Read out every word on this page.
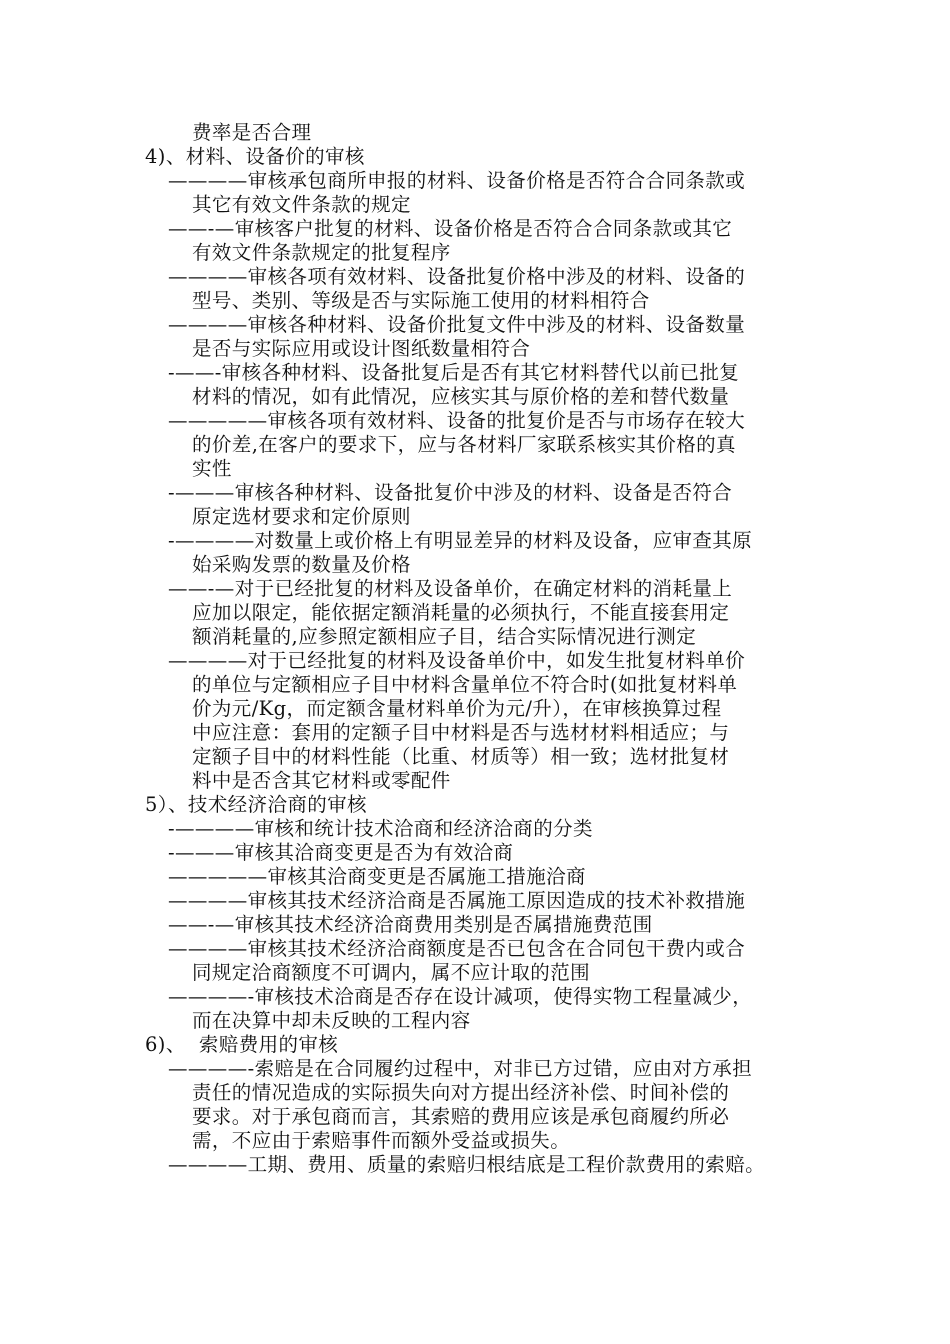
费率是否合理
4)、材料、设备价的审核
————审核承包商所申报的材料、设备价格是否符合合同条款或
其它有效文件条款的规定
——-—审核客户批复的材料、设备价格是否符合合同条款或其它
有效文件条款规定的批复程序
————审核各项有效材料、设备批复价格中涉及的材料、设备的
型号、类别、等级是否与实际施工使用的材料相符合
————审核各种材料、设备价批复文件中涉及的材料、设备数量
是否与实际应用或设计图纸数量相符合
-——-审核各种材料、设备批复后是否有其它材料替代以前已批复
材料的情况，如有此情况，应核实其与原价格的差和替代数量
—————审核各项有效材料、设备的批复价是否与市场存在较大
的价差,在客户的要求下，应与各材料厂家联系核实其价格的真
实性
-———审核各种材料、设备批复价中涉及的材料、设备是否符合
原定选材要求和定价原则
-————对数量上或价格上有明显差异的材料及设备，应审查其原
始采购发票的数量及价格
——-—对于已经批复的材料及设备单价，在确定材料的消耗量上
应加以限定，能依据定额消耗量的必须执行，不能直接套用定
额消耗量的,应参照定额相应子目，结合实际情况进行测定
————对于已经批复的材料及设备单价中，如发生批复材料单价
的单位与定额相应子目中材料含量单位不符合时(如批复材料单
价为元/Kg，而定额含量材料单价为元/升），在审核换算过程
中应注意：套用的定额子目中材料是否与选材材料相适应；与
定额子目中的材料性能（比重、材质等）相一致；选材批复材
料中是否含其它材料或零配件
5）、技术经济洽商的审核
-————审核和统计技术洽商和经济洽商的分类
-———审核其洽商变更是否为有效洽商
—————审核其洽商变更是否属施工措施洽商
————审核其技术经济洽商是否属施工原因造成的技术补救措施
——-—审核其技术经济洽商费用类别是否属措施费范围
————审核其技术经济洽商额度是否已包含在合同包干费内或合
同规定洽商额度不可调内，属不应计取的范围
————-审核技术洽商是否存在设计减项，使得实物工程量减少，
而在决算中却未反映的工程内容
6)、  索赔费用的审核
————-索赔是在合同履约过程中，对非已方过错，应由对方承担
责任的情况造成的实际损失向对方提出经济补偿、时间补偿的
要求。对于承包商而言，其索赔的费用应该是承包商履约所必
需，不应由于索赔事件而额外受益或损失。
————工期、费用、质量的索赔归根结底是工程价款费用的索赔。
